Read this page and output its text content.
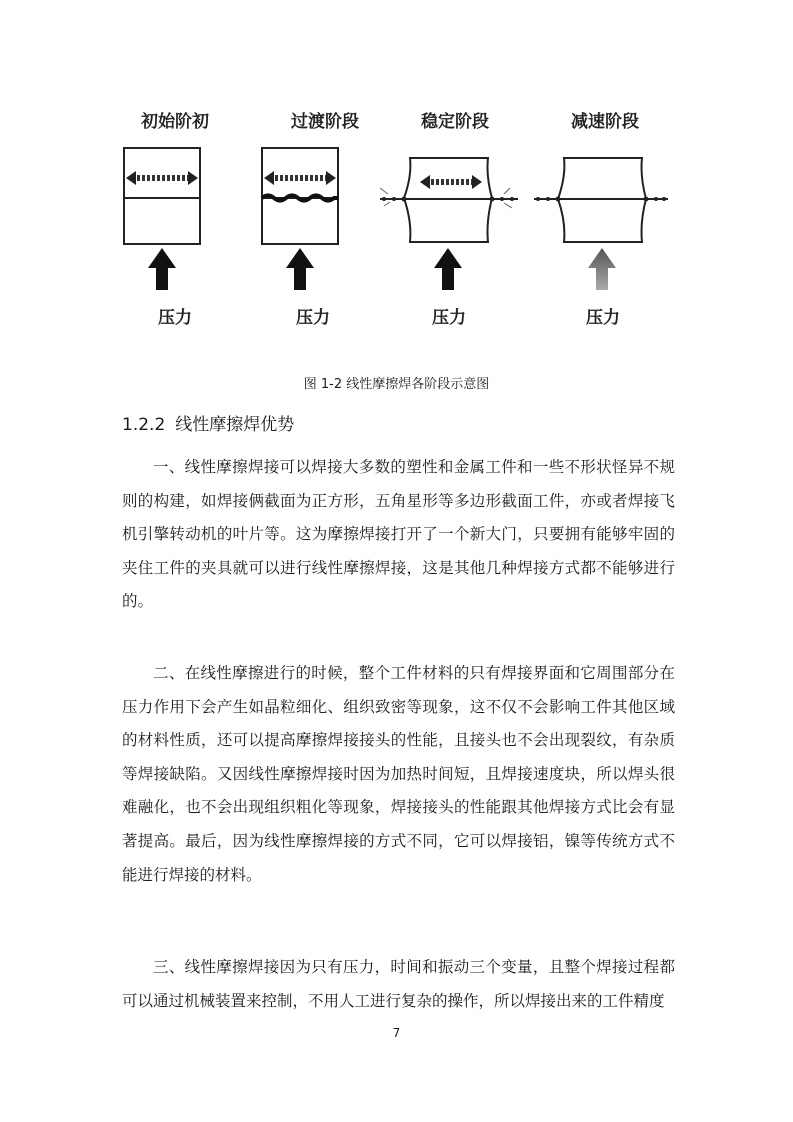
初始阶初
压力
过渡阶段
压力
稳定阶段
压力
减速阶段
压力
图 1-2 线性摩擦焊各阶段示意图
1.2.2 线性摩擦焊优势

一、线性摩擦焊接可以焊接大多数的塑性和金属工件和一些不形状怪异不规则的构建，如焊接俩截面为正方形，五角星形等多边形截面工件，亦或者焊接飞机引擎转动机的叶片等。这为摩擦焊接打开了一个新大门，只要拥有能够牢固的夹住工件的夹具就可以进行线性摩擦焊接，这是其他几种焊接方式都不能够进行的。

二、在线性摩擦进行的时候，整个工件材料的只有焊接界面和它周围部分在压力作用下会产生如晶粒细化、组织致密等现象，这不仅不会影响工件其他区域的材料性质，还可以提高摩擦焊接接头的性能，且接头也不会出现裂纹，有杂质等焊接缺陷。又因线性摩擦焊接时因为加热时间短，且焊接速度块，所以焊头很难融化，也不会出现组织粗化等现象，焊接接头的性能跟其他焊接方式比会有显著提高。最后，因为线性摩擦焊接的方式不同，它可以焊接铝，镍等传统方式不能进行焊接的材料。

三、线性摩擦焊接因为只有压力，时间和振动三个变量，且整个焊接过程都可以通过机械装置来控制，不用人工进行复杂的操作，所以焊接出来的工件精度

7
